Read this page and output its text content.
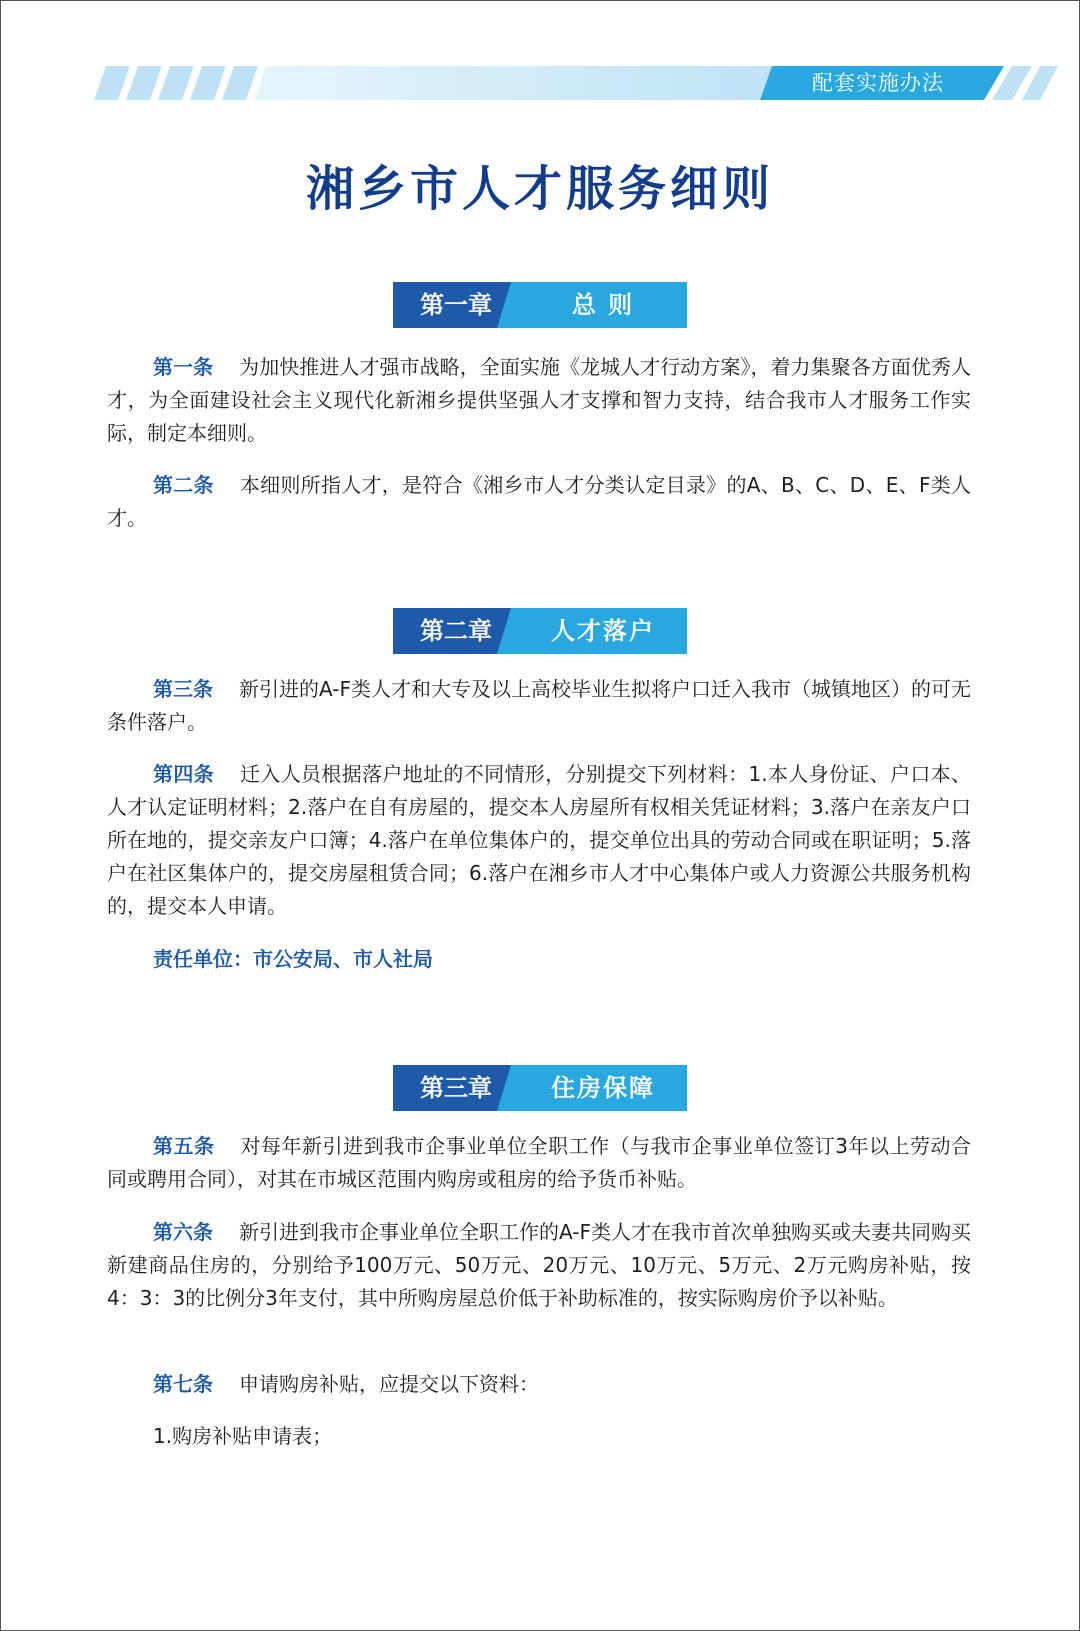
配套实施办法
湘乡市人才服务细则
第一章	总 则

第一条 为加快推进人才强市战略，全面实施《龙城人才行动方案》，着力集聚各方面优秀人才，为全面建设社会主义现代化新湘乡提供坚强人才支撑和智力支持，结合我市人才服务工作实际，制定本细则。

第二条 本细则所指人才，是符合《湘乡市人才分类认定目录》的A、B、C、D、E、F类人才。

第二章	人才落户

第三条 新引进的A-F类人才和大专及以上高校毕业生拟将户口迁入我市（城镇地区）的可无条件落户。

第四条 迁入人员根据落户地址的不同情形，分别提交下列材料：1.本人身份证、户口本、人才认定证明材料；2.落户在自有房屋的，提交本人房屋所有权相关凭证材料；3.落户在亲友户口所在地的，提交亲友户口簿；4.落户在单位集体户的，提交单位出具的劳动合同或在职证明；5.落户在社区集体户的，提交房屋租赁合同；6.落户在湘乡市人才中心集体户或人力资源公共服务机构的，提交本人申请。

责任单位：市公安局、市人社局

第三章	住房保障

第五条 对每年新引进到我市企事业单位全职工作（与我市企事业单位签订3年以上劳动合同或聘用合同），对其在市城区范围内购房或租房的给予货币补贴。

第六条 新引进到我市企事业单位全职工作的A-F类人才在我市首次单独购买或夫妻共同购买新建商品住房的，分别给予100万元、50万元、20万元、10万元、5万元、2万元购房补贴，按4：3：3的比例分3年支付，其中所购房屋总价低于补助标准的，按实际购房价予以补贴。

第七条 申请购房补贴，应提交以下资料：

1.购房补贴申请表；
